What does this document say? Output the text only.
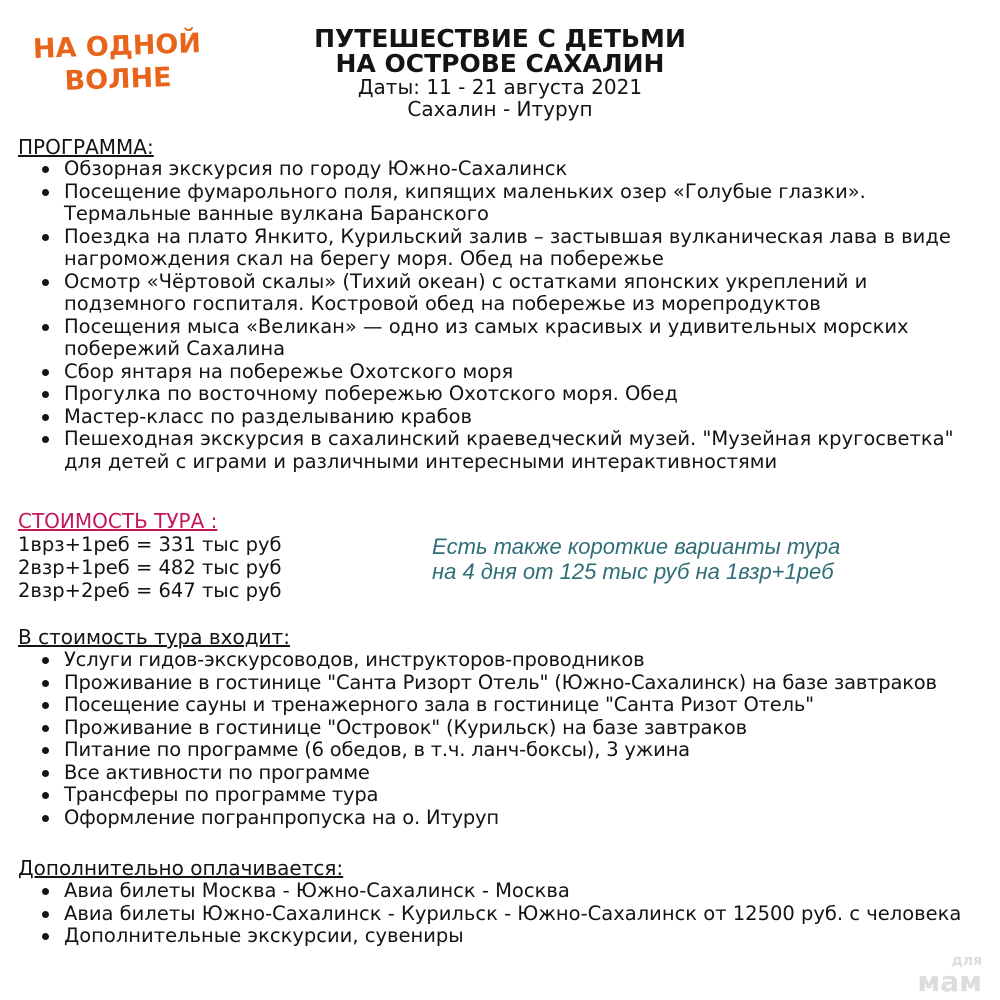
НА ОДНОЙ
ВОЛНЕ
ПУТЕШЕСТВИЕ С ДЕТЬМИ
НА ОСТРОВЕ САХАЛИН
Даты: 11 - 21 августа 2021
Сахалин - Итуруп
ПРОГРАММА:
Обзорная экскурсия по городу Южно-Сахалинск
Посещение фумарольного поля, кипящих маленьких озер «Голубые глазки». Термальные ванные вулкана Баранского
Поездка на плато Янкито, Курильский залив – застывшая вулканическая лава в виде нагромождения скал на берегу моря. Обед на побережье
Осмотр «Чёртовой скалы» (Тихий океан) с остатками японских укреплений и подземного госпиталя. Костровой обед на побережье из морепродуктов
Посещения мыса «Великан» — одно из самых красивых и удивительных морских побережий Сахалина
Сбор янтаря на побережье Охотского моря
Прогулка по восточному побережью Охотского моря. Обед
Мастер-класс по разделыванию крабов
Пешеходная экскурсия в сахалинский краеведческий музей. "Музейная кругосветка" для детей с играми и различными интересными интерактивностями
СТОИМОСТЬ ТУРА :
1врз+1реб = 331 тыс руб
2взр+1реб = 482 тыс руб
2взр+2реб = 647 тыс руб
Есть также короткие варианты тура
на 4 дня от 125 тыс руб на 1взр+1реб
В стоимость тура входит:
Услуги гидов-экскурсоводов, инструкторов-проводников
Проживание в гостинице "Санта Ризорт Отель" (Южно-Сахалинск) на базе завтраков
Посещение сауны и тренажерного зала в гостинице "Санта Ризот Отель"
Проживание в гостинице "Островок" (Курильск) на базе завтраков
Питание по программе (6 обедов, в т.ч. ланч-боксы), 3 ужина
Все активности по программе
Трансферы по программе тура
Оформление погранпропуска на о. Итуруп
Дополнительно оплачивается:
Авиа билеты Москва - Южно-Сахалинск - Москва
Авиа билеты Южно-Сахалинск - Курильск - Южно-Сахалинск от 12500 руб. с человека
Дополнительные экскурсии, сувениры
для
мам
